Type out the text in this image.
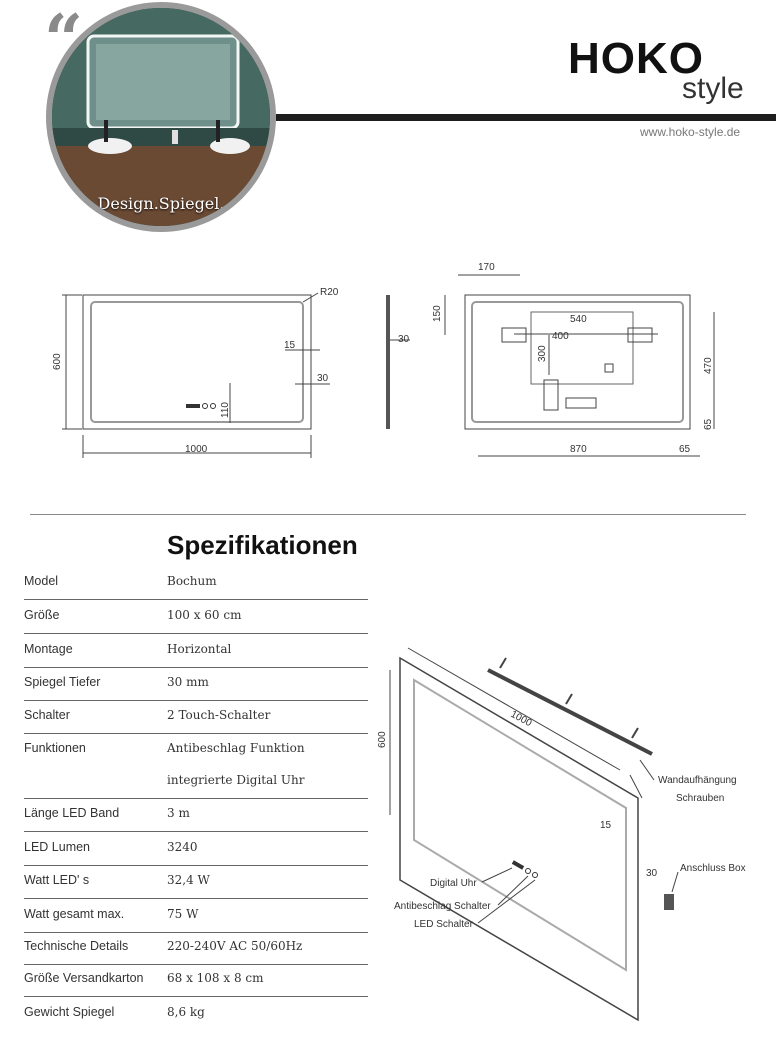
Design.Spiegel.
“	HOKO
style
www.hoko-style.de
600
1000
R20
15
30
110
30
170
150	540
400
300
470
65
870	65
Spezifikationen
Model	Bochum
Größe	100 x 60 cm
Montage	Horizontal
Spiegel Tiefer	30 mm
Schalter	2 Touch-Schalter
Funktionen	Antibeschlag Funktion
integrierte Digital Uhr
Länge LED Band	3 m
LED Lumen	3240
Watt LED' s	32,4 W
Watt gesamt max.	75 W
Technische Details	220-240V AC 50/60Hz
Größe Versandkarton 68 x 108 x 8 cm
Gewicht Spiegel	8,6 kg
600
1000
15
30
Wandaufhängung
Schrauben
Anschluss Box
Digital Uhr
Antibeschlag Schalter
LED Schalter
